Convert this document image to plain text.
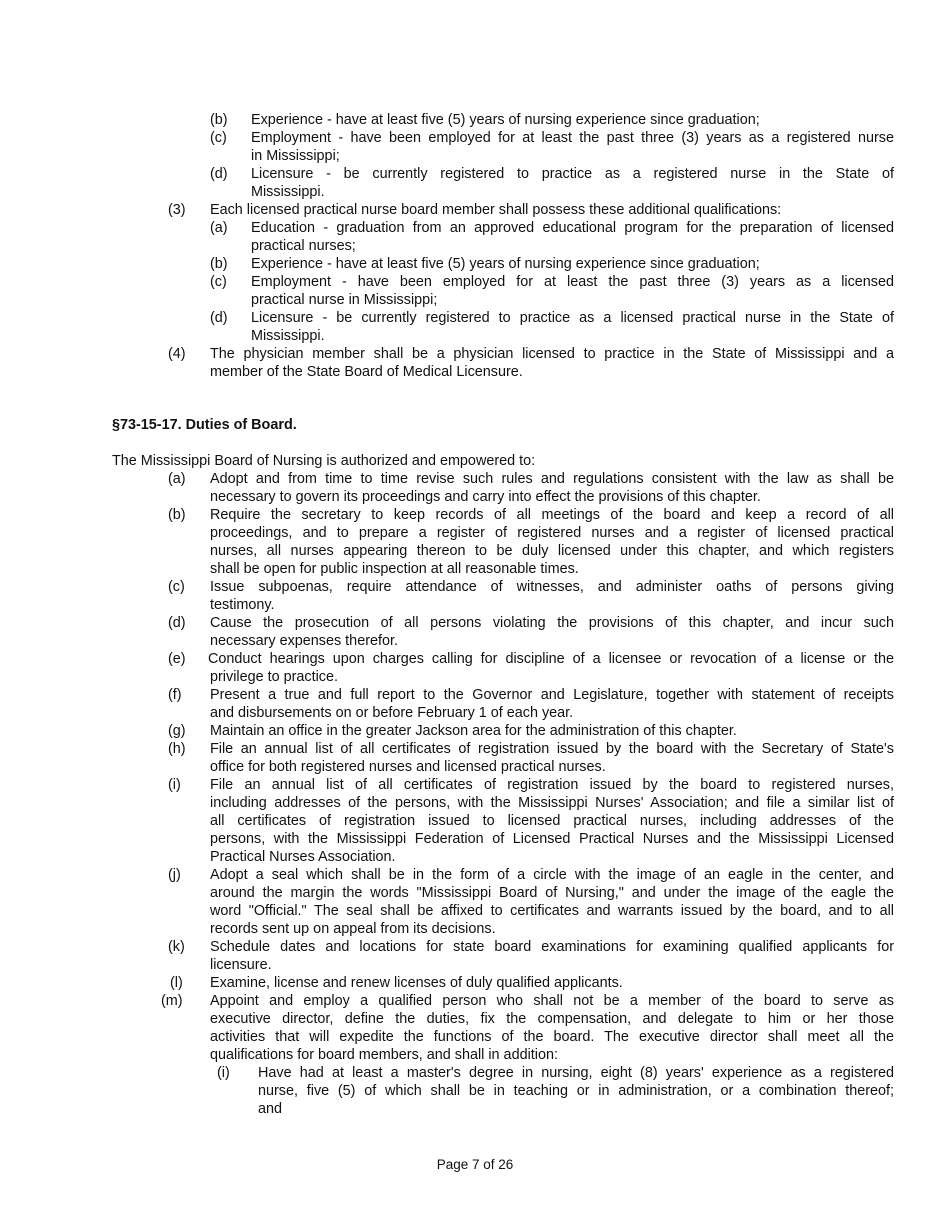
(b) Experience - have at least five (5) years of nursing experience since graduation;
(c) Employment - have been employed for at least the past three (3) years as a registered nurse
in Mississippi;
(d) Licensure - be currently registered to practice as a registered nurse in the State of
Mississippi.
(3) Each licensed practical nurse board member shall possess these additional qualifications:
(a) Education - graduation from an approved educational program for the preparation of licensed
practical nurses;
(b) Experience - have at least five (5) years of nursing experience since graduation;
(c) Employment - have been employed for at least the past three (3) years as a licensed
practical nurse in Mississippi;
(d) Licensure - be currently registered to practice as a licensed practical nurse in the State of
Mississippi.
(4) The physician member shall be a physician licensed to practice in the State of Mississippi and a
member of the State Board of Medical Licensure.
§73-15-17. Duties of Board.
The Mississippi Board of Nursing is authorized and empowered to:
(a) Adopt and from time to time revise such rules and regulations consistent with the law as shall be
necessary to govern its proceedings and carry into effect the provisions of this chapter.
(b) Require the secretary to keep records of all meetings of the board and keep a record of all
proceedings, and to prepare a register of registered nurses and a register of licensed practical
nurses, all nurses appearing thereon to be duly licensed under this chapter, and which registers
shall be open for public inspection at all reasonable times.
(c) Issue subpoenas, require attendance of witnesses, and administer oaths of persons giving
testimony.
(d) Cause the prosecution of all persons violating the provisions of this chapter, and incur such
necessary expenses therefor.
(e) Conduct hearings upon charges calling for discipline of a licensee or revocation of a license or the
privilege to practice.
(f) Present a true and full report to the Governor and Legislature, together with statement of receipts
and disbursements on or before February 1 of each year.
(g) Maintain an office in the greater Jackson area for the administration of this chapter.
(h) File an annual list of all certificates of registration issued by the board with the Secretary of State's
office for both registered nurses and licensed practical nurses.
(i) File an annual list of all certificates of registration issued by the board to registered nurses,
including addresses of the persons, with the Mississippi Nurses' Association; and file a similar list of
all certificates of registration issued to licensed practical nurses, including addresses of the
persons, with the Mississippi Federation of Licensed Practical Nurses and the Mississippi Licensed
Practical Nurses Association.
(j) Adopt a seal which shall be in the form of a circle with the image of an eagle in the center, and
around the margin the words "Mississippi Board of Nursing," and under the image of the eagle the
word "Official." The seal shall be affixed to certificates and warrants issued by the board, and to all
records sent up on appeal from its decisions.
(k) Schedule dates and locations for state board examinations for examining qualified applicants for
licensure.
(l) Examine, license and renew licenses of duly qualified applicants.
(m) Appoint and employ a qualified person who shall not be a member of the board to serve as
executive director, define the duties, fix the compensation, and delegate to him or her those
activities that will expedite the functions of the board. The executive director shall meet all the
qualifications for board members, and shall in addition:
(i) Have had at least a master's degree in nursing, eight (8) years' experience as a registered
nurse, five (5) of which shall be in teaching or in administration, or a combination thereof;
and
Page 7 of 26
